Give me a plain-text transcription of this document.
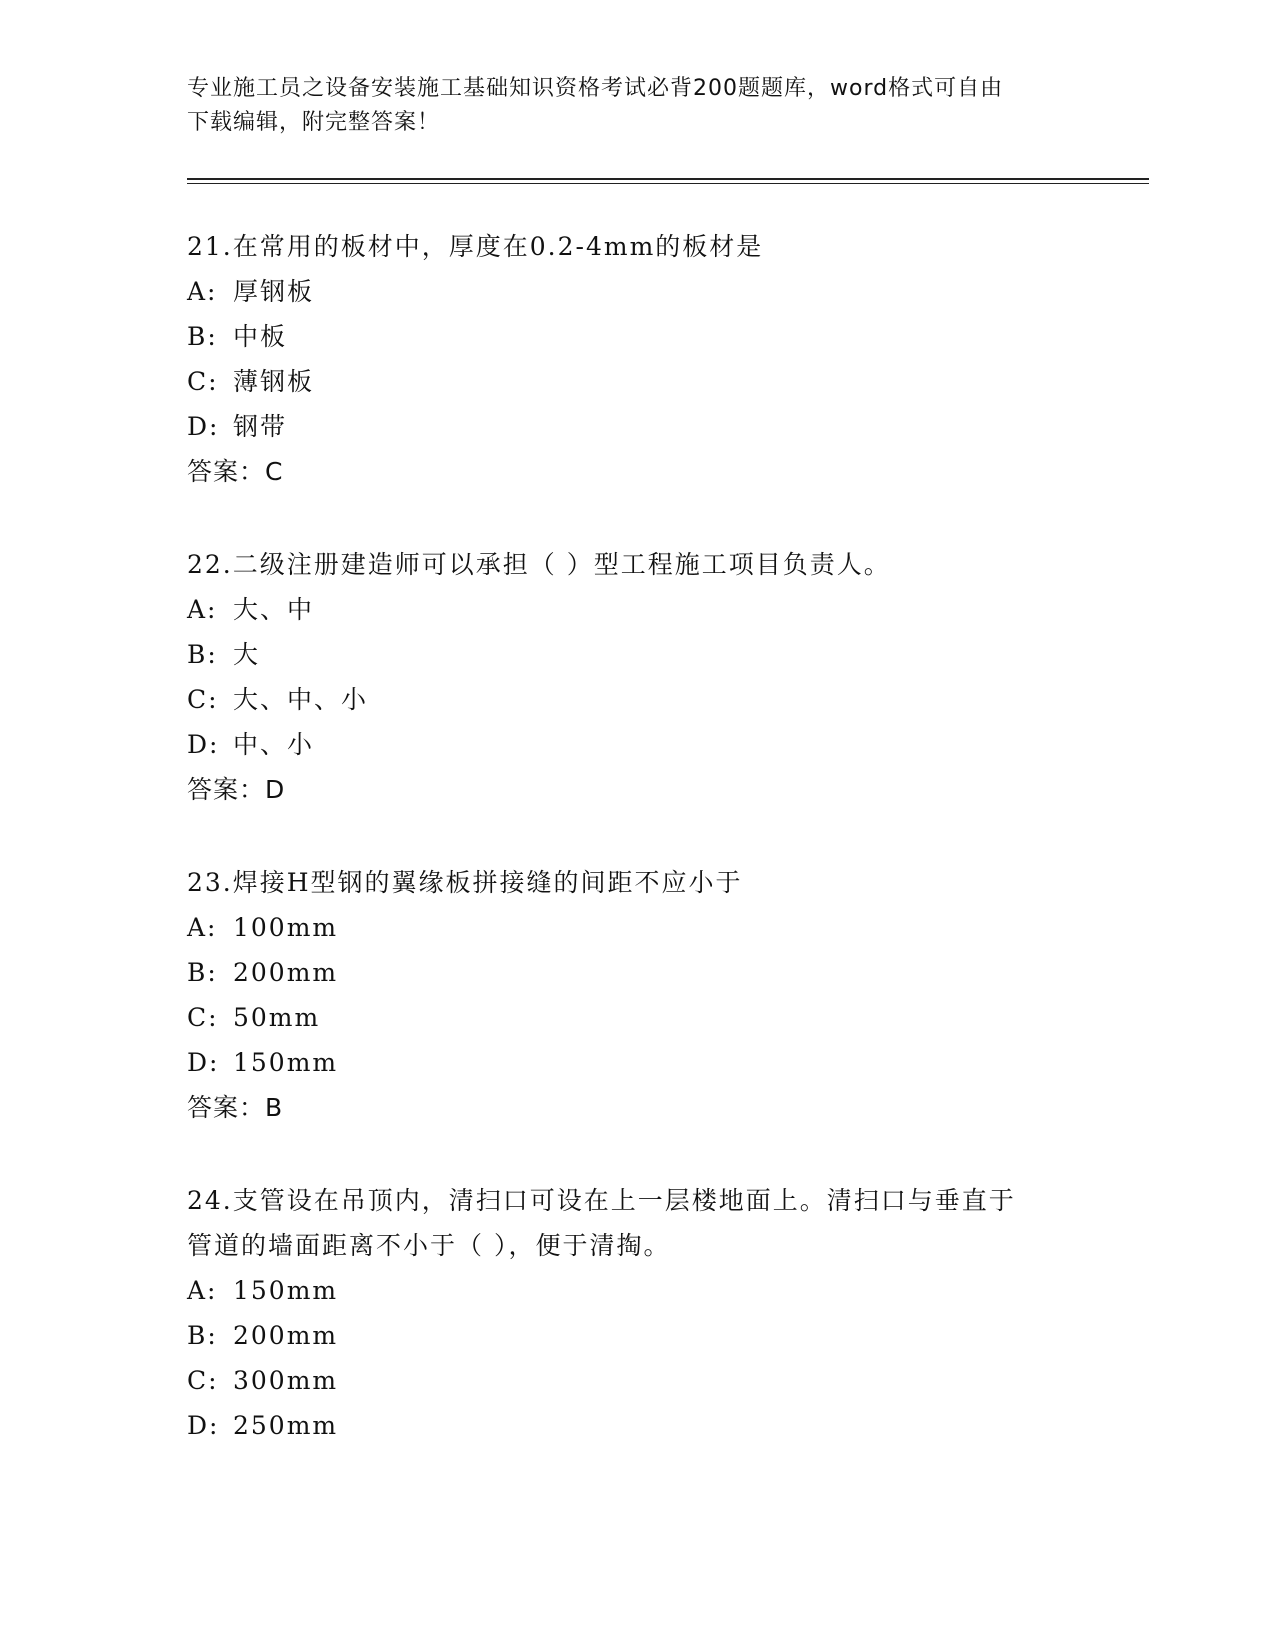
专业施工员之设备安装施工基础知识资格考试必背200题题库，word格式可自由
下载编辑，附完整答案！

21.在常用的板材中，厚度在0.2-4mm的板材是

A: 厚钢板

B: 中板

C: 薄钢板

D: 钢带

答案：C

22.二级注册建造师可以承担（ ）型工程施工项目负责人。

A: 大、中

B: 大

C: 大、中、小

D: 中、小

答案：D

23.焊接H型钢的翼缘板拼接缝的间距不应小于

A: 100mm

B: 200mm

C: 50mm

D: 150mm

答案：B

24.支管设在吊顶内，清扫口可设在上一层楼地面上。清扫口与垂直于

管道的墙面距离不小于（ ），便于清掏。

A: 150mm

B: 200mm

C: 300mm

D: 250mm
